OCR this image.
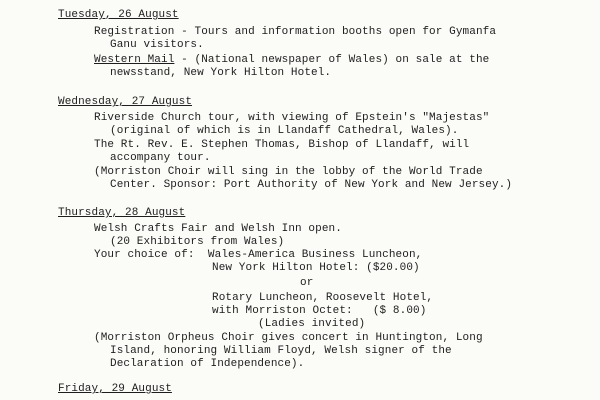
Tuesday, 26 August
Registration - Tours and information booths open for Gymanfa
Ganu visitors.
Western Mail - (National newspaper of Wales) on sale at the
newsstand, New York Hilton Hotel.
Wednesday, 27 August
Riverside Church tour, with viewing of Epstein's "Majestas"
(original of which is in Llandaff Cathedral, Wales).
The Rt. Rev. E. Stephen Thomas, Bishop of Llandaff, will
accompany tour.
(Morriston Choir will sing in the lobby of the World Trade
Center. Sponsor: Port Authority of New York and New Jersey.)
Thursday, 28 August
Welsh Crafts Fair and Welsh Inn open.
(20 Exhibitors from Wales)
Your choice of:  Wales-America Business Luncheon,
New York Hilton Hotel: ($20.00)
or
Rotary Luncheon, Roosevelt Hotel,
with Morriston Octet:   ($ 8.00)
(Ladies invited)
(Morriston Orpheus Choir gives concert in Huntington, Long
Island, honoring William Floyd, Welsh signer of the
Declaration of Independence).
Friday, 29 August
